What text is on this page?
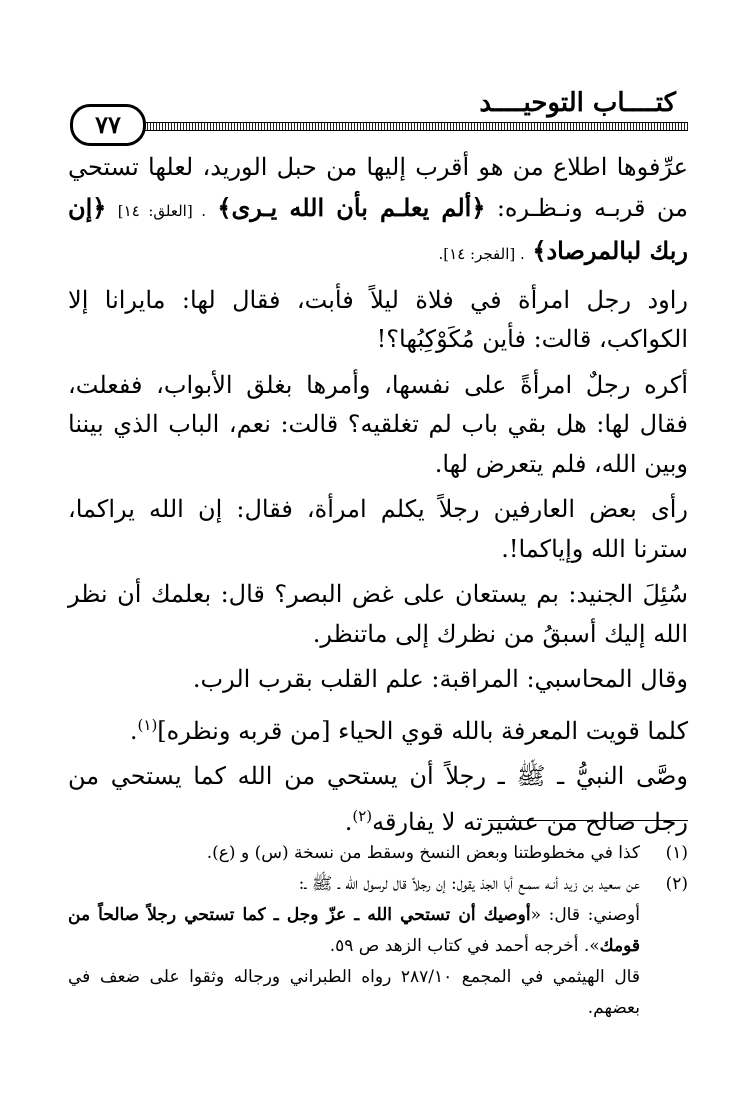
كتــــاب التوحيــــد
٧٧

عرِّفوها اطلاع من هو أقرب إليها من حبل الوريد، لعلها تستحي من قربـه ونـظـره: ﴿ألم يعلـم بأن الله يـرى﴾ . [العلق: ١٤] ﴿إن ربك لبالمرصاد﴾ . [الفجر: ١٤].

راود رجل امرأة في فلاة ليلاً فأبت، فقال لها: مايرانا إلا الكواكب، قالت: فأين مُكَوْكِبُها؟!

أكره رجلٌ امرأةً على نفسها، وأمرها بغلق الأبواب، ففعلت، فقال لها: هل بقي باب لم تغلقيه؟ قالت: نعم، الباب الذي بيننا وبين الله، فلم يتعرض لها.

رأى بعض العارفين رجلاً يكلم امرأة، فقال: إن الله يراكما، سترنا الله وإياكما!.

سُئِلَ الجنيد: بم يستعان على غض البصر؟ قال: بعلمك أن نظر الله إليك أسبقُ من نظرك إلى ماتنظر.

وقال المحاسبي: المراقبة: علم القلب بقرب الرب.

كلما قويت المعرفة بالله قوي الحياء [من قربه ونظره]$^{(١)}$.

وصَّى النبيُّ ـ ﷺ ـ رجلاً أن يستحي من الله كما يستحي من رجل صالح من عشيرته لا يفارقه$^{(٢)}$.

(١)
كذا في مخطوطتنا وبعض النسخ وسقط من نسخة (س) و (ع).
(٢)
عن سعيد بن زيد أنـه سمـع أبا الجذ يقول: إن رجلاً قال لرسول الله ـ ﷺ ـ:
أوصني: قال: «أوصيك أن تستحي الله ـ عزّ وجل ـ كما تستحي رجلاً صالحاً من قومك». أخرجه أحمد في كتاب الزهد ص ٥٩.
قال الهيثمي في المجمع ٢٨٧/١٠ رواه الطبراني ورجاله وثقوا على ضعف في بعضهم.
